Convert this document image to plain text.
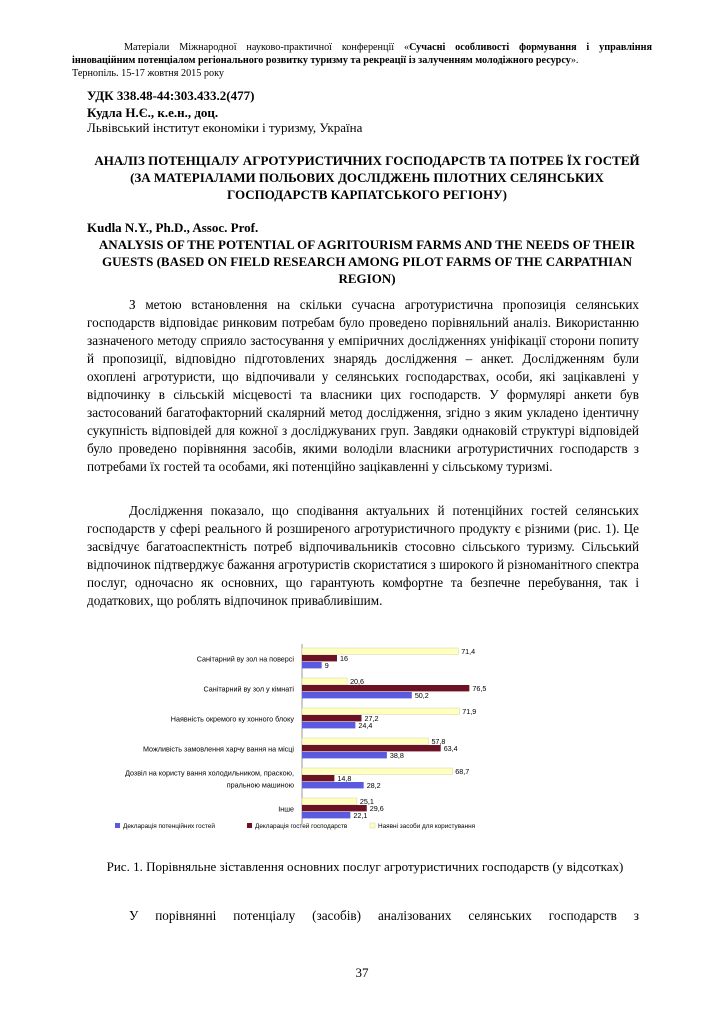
Матеріали Міжнародної науково-практичної конференції «Сучасні особливості формування і управління інноваційним потенціалом регіонального розвитку туризму та рекреації із залученням молодіжного ресурсу».
Тернопіль. 15-17 жовтня 2015 року
УДК 338.48-44:303.433.2(477)
Кудла Н.Є., к.е.н., доц.
Львівський інститут економіки і туризму, Україна
АНАЛІЗ ПОТЕНЦІАЛУ АГРОТУРИСТИЧНИХ ГОСПОДАРСТВ ТА ПОТРЕБ ЇХ ГОСТЕЙ (ЗА МАТЕРІАЛАМИ ПОЛЬОВИХ ДОСЛІДЖЕНЬ ПІЛОТНИХ СЕЛЯНСЬКИХ ГОСПОДАРСТВ КАРПАТСЬКОГО РЕГІОНУ)
Kudla N.Y., Ph.D., Assoc. Prof.
ANALYSIS OF THE POTENTIAL OF AGRITOURISM FARMS AND THE NEEDS OF THEIR GUESTS (BASED ON FIELD RESEARCH AMONG PILOT FARMS OF THE CARPATHIAN REGION)
З метою встановлення на скільки сучасна агротуристична пропозиція селянських господарств відповідає ринковим потребам було проведено порівняльний аналіз. Використанню зазначеного методу сприяло застосування у емпіричних дослідженнях уніфікації сторони попиту й пропозиції, відповідно підготовлених знарядь дослідження – анкет. Дослідженням були охоплені агротуристи, що відпочивали у селянських господарствах, особи, які зацікавлені у відпочинку в сільській місцевості та власники цих господарств. У формулярі анкети був застосований багатофакторний скалярний метод дослідження, згідно з яким укладено ідентичну сукупність відповідей для кожної з досліджуваних груп. Завдяки однаковій структурі відповідей було проведено порівняння засобів, якими володіли власники агротуристичних господарств з потребами їх гостей та особами, які потенційно зацікавленні у сільському туризмі.
Дослідження показало, що сподівання актуальних й потенційних гостей селянських господарств у сфері реального й розширеного агротуристичного продукту є різними (рис. 1). Це засвідчує багатоаспектність потреб відпочивальників стосовно сільського туризму. Сільський відпочинок підтверджує бажання агротуристів скористатися з широкого й різноманітного спектра послуг, одночасно як основних, що гарантують комфортне та безпечне перебування, так і додаткових, що роблять відпочинок привабливішим.
Санітарний ву зол на поверсі
Санітарний ву зол у кімнаті
Наявність окремого ку хонного блоку
Можливість замовлення харчу вання на місці
Дозвіл на користу вання холодильником, праскою,
пральною машиною
Інше
71,4
16
9
20,6
76,5
50,2
71,9
27,2
24,4
57,8
63,4
38,8
68,7
14,8
28,2
25,1
29,6
22,1
Декларація потенційних гостей	Декларація гостей господарств	Наявні засоби для користування
Рис. 1. Порівняльне зіставлення основних послуг агротуристичних господарств (у відсотках)
У порівнянні потенціалу (засобів) аналізованих селянських господарств з
37
